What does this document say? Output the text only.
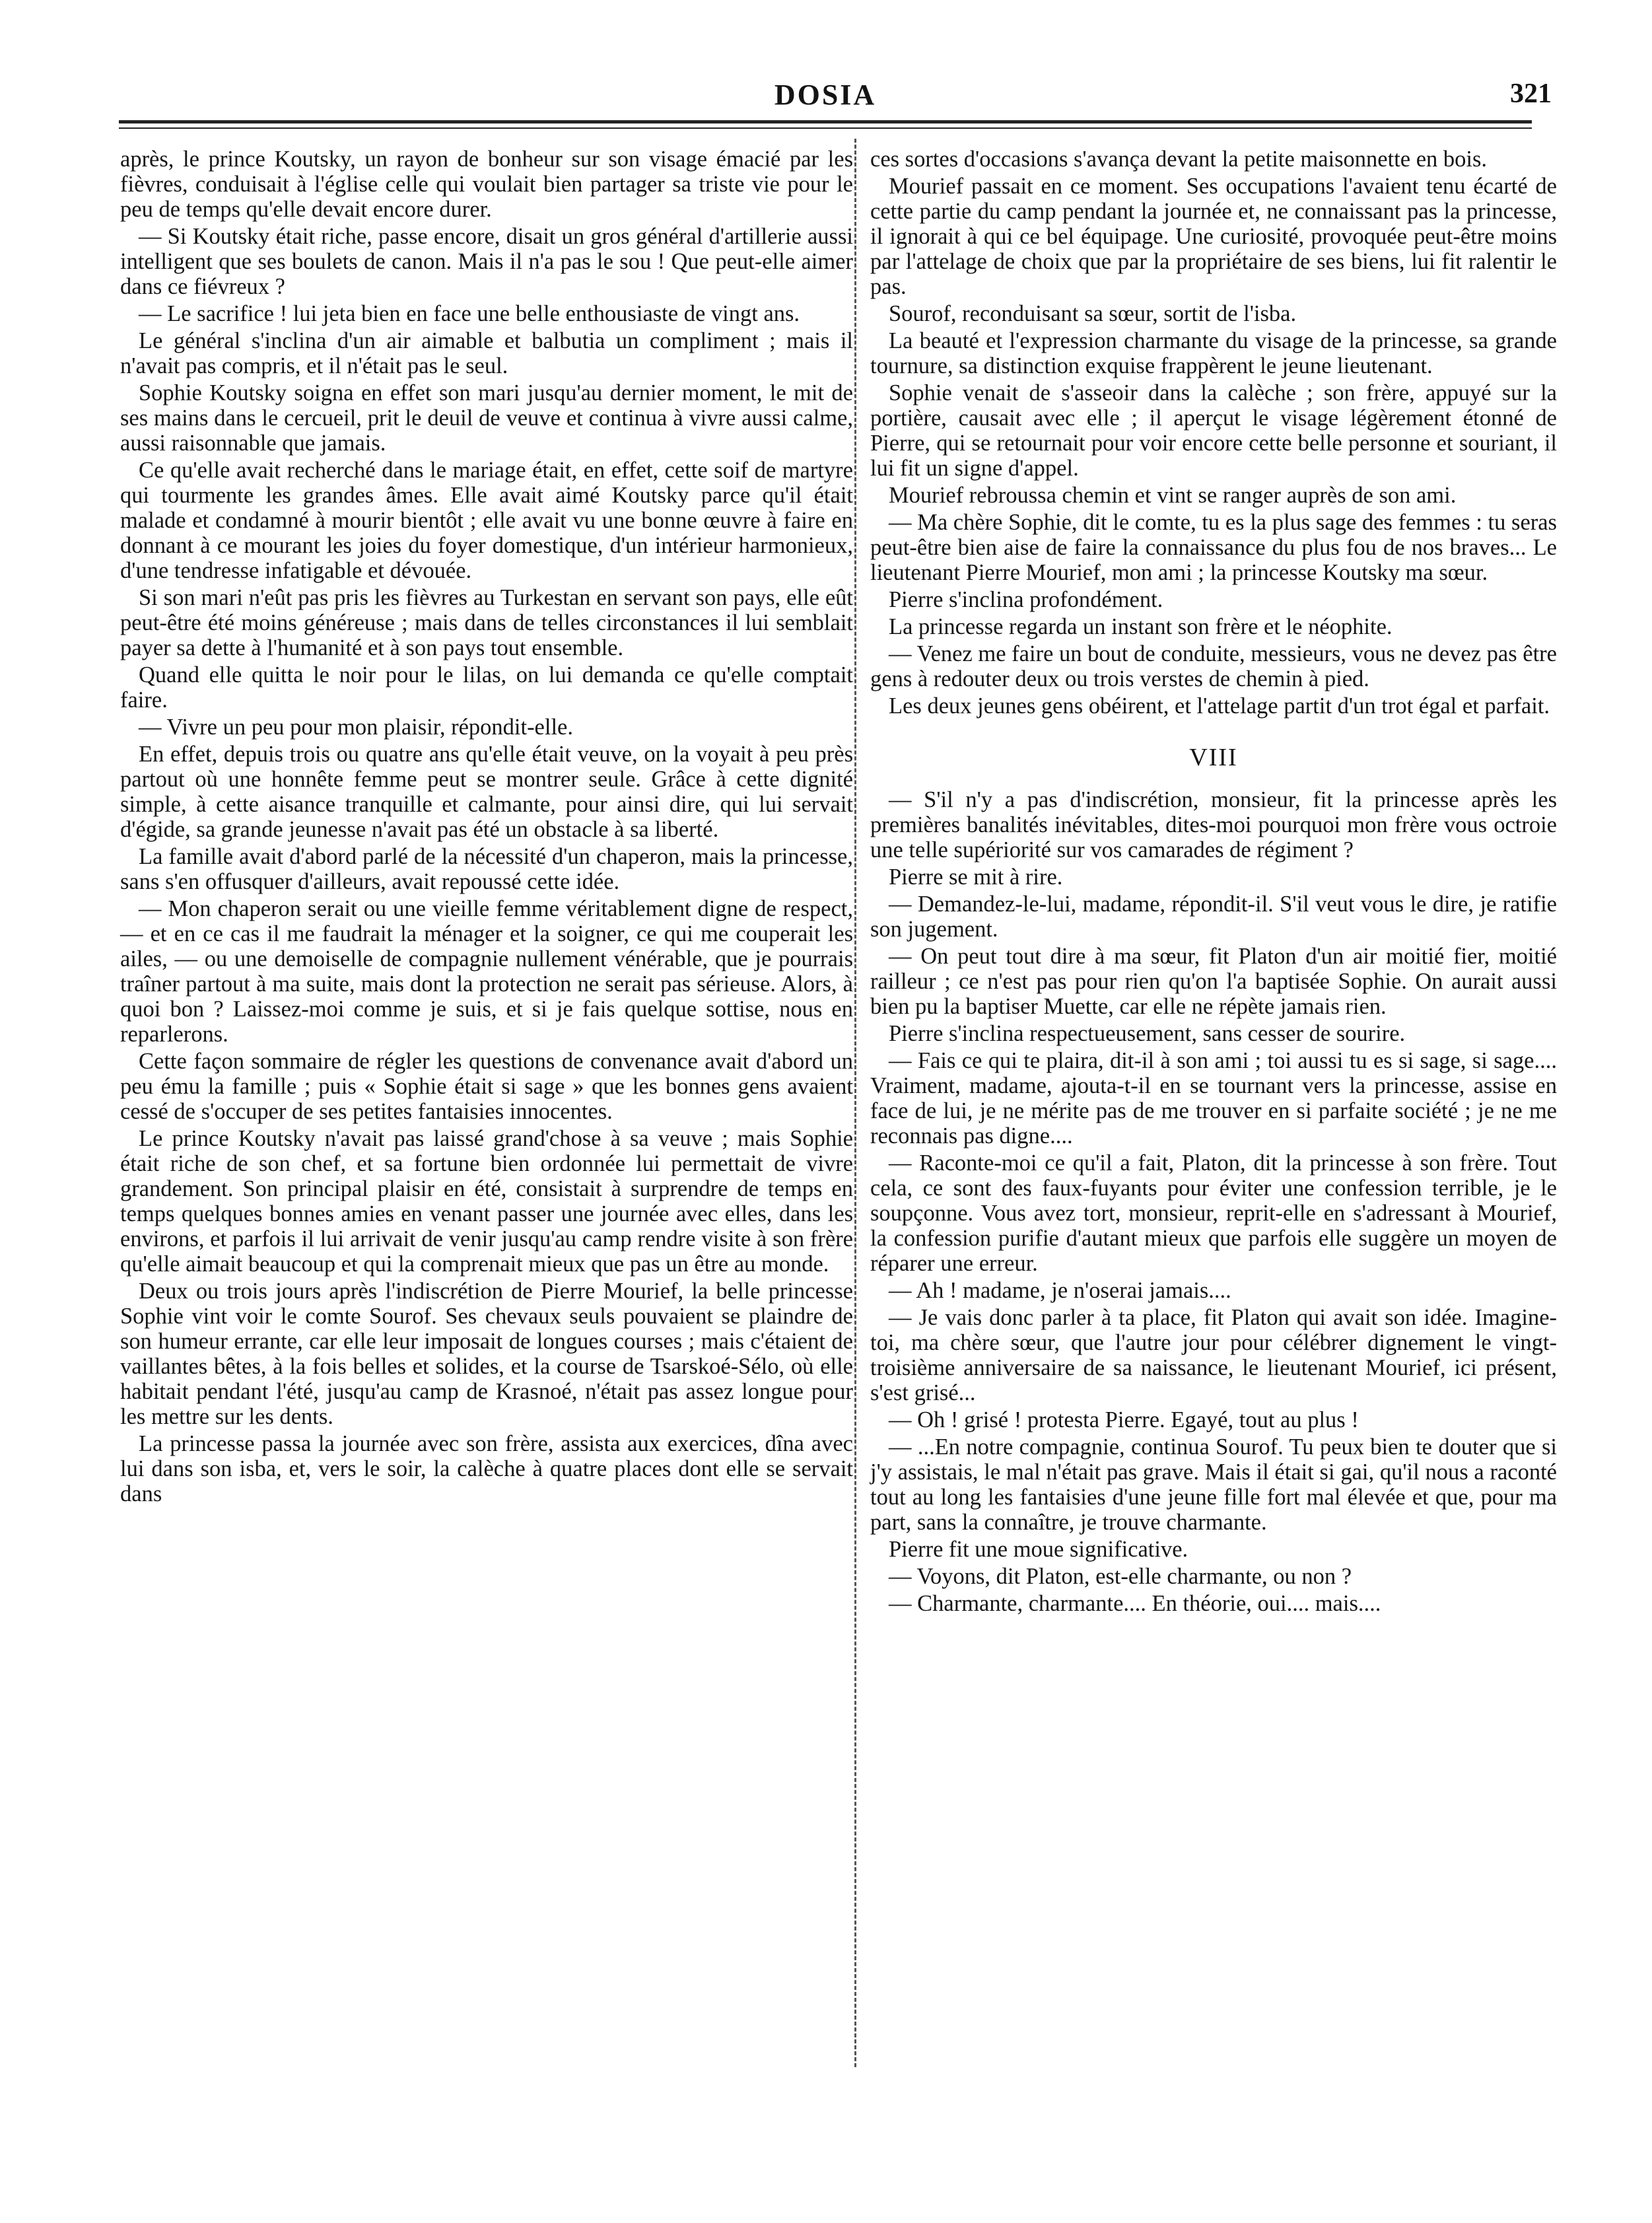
DOSIA	321

après, le prince Koutsky, un rayon de bonheur sur son visage émacié par les fièvres, conduisait à l'église celle qui voulait bien partager sa triste vie pour le peu de temps qu'elle devait encore durer.

— Si Koutsky était riche, passe encore, disait un gros général d'artillerie aussi intelligent que ses boulets de canon. Mais il n'a pas le sou ! Que peut-elle aimer dans ce fiévreux ?

— Le sacrifice ! lui jeta bien en face une belle enthousiaste de vingt ans.

Le général s'inclina d'un air aimable et balbutia un compliment ; mais il n'avait pas compris, et il n'était pas le seul.

Sophie Koutsky soigna en effet son mari jusqu'au dernier moment, le mit de ses mains dans le cercueil, prit le deuil de veuve et continua à vivre aussi calme, aussi raisonnable que jamais.

Ce qu'elle avait recherché dans le mariage était, en effet, cette soif de martyre qui tourmente les grandes âmes. Elle avait aimé Koutsky parce qu'il était malade et condamné à mourir bientôt ; elle avait vu une bonne œuvre à faire en donnant à ce mourant les joies du foyer domestique, d'un intérieur harmonieux, d'une tendresse infatigable et dévouée.

Si son mari n'eût pas pris les fièvres au Turkestan en servant son pays, elle eût peut-être été moins généreuse ; mais dans de telles circonstances il lui semblait payer sa dette à l'humanité et à son pays tout ensemble.

Quand elle quitta le noir pour le lilas, on lui demanda ce qu'elle comptait faire.

— Vivre un peu pour mon plaisir, répondit-elle.

En effet, depuis trois ou quatre ans qu'elle était veuve, on la voyait à peu près partout où une honnête femme peut se montrer seule. Grâce à cette dignité simple, à cette aisance tranquille et calmante, pour ainsi dire, qui lui servait d'égide, sa grande jeunesse n'avait pas été un obstacle à sa liberté.

La famille avait d'abord parlé de la nécessité d'un chaperon, mais la princesse, sans s'en offusquer d'ailleurs, avait repoussé cette idée.

— Mon chaperon serait ou une vieille femme véritablement digne de respect, — et en ce cas il me faudrait la ménager et la soigner, ce qui me couperait les ailes, — ou une demoiselle de compagnie nullement vénérable, que je pourrais traîner partout à ma suite, mais dont la protection ne serait pas sérieuse. Alors, à quoi bon ? Laissez-moi comme je suis, et si je fais quelque sottise, nous en reparlerons.

Cette façon sommaire de régler les questions de convenance avait d'abord un peu ému la famille ; puis « Sophie était si sage » que les bonnes gens avaient cessé de s'occuper de ses petites fantaisies innocentes.

Le prince Koutsky n'avait pas laissé grand'chose à sa veuve ; mais Sophie était riche de son chef, et sa fortune bien ordonnée lui permettait de vivre grandement. Son principal plaisir en été, consistait à surprendre de temps en temps quelques bonnes amies en venant passer une journée avec elles, dans les environs, et parfois il lui arrivait de venir jusqu'au camp rendre visite à son frère qu'elle aimait beaucoup et qui la comprenait mieux que pas un être au monde.

Deux ou trois jours après l'indiscrétion de Pierre Mourief, la belle princesse Sophie vint voir le comte Sourof. Ses chevaux seuls pouvaient se plaindre de son humeur errante, car elle leur imposait de longues courses ; mais c'étaient de vaillantes bêtes, à la fois belles et solides, et la course de Tsarskoé-Sélo, où elle habitait pendant l'été, jusqu'au camp de Krasnoé, n'était pas assez longue pour les mettre sur les dents.

La princesse passa la journée avec son frère, assista aux exercices, dîna avec lui dans son isba, et, vers le soir, la calèche à quatre places dont elle se servait dans

ces sortes d'occasions s'avança devant la petite maisonnette en bois.

Mourief passait en ce moment. Ses occupations l'avaient tenu écarté de cette partie du camp pendant la journée et, ne connaissant pas la princesse, il ignorait à qui ce bel équipage. Une curiosité, provoquée peut-être moins par l'attelage de choix que par la propriétaire de ses biens, lui fit ralentir le pas.

Sourof, reconduisant sa sœur, sortit de l'isba.

La beauté et l'expression charmante du visage de la princesse, sa grande tournure, sa distinction exquise frappèrent le jeune lieutenant.

Sophie venait de s'asseoir dans la calèche ; son frère, appuyé sur la portière, causait avec elle ; il aperçut le visage légèrement étonné de Pierre, qui se retournait pour voir encore cette belle personne et souriant, il lui fit un signe d'appel.

Mourief rebroussa chemin et vint se ranger auprès de son ami.

— Ma chère Sophie, dit le comte, tu es la plus sage des femmes : tu seras peut-être bien aise de faire la connaissance du plus fou de nos braves... Le lieutenant Pierre Mourief, mon ami ; la princesse Koutsky ma sœur.

Pierre s'inclina profondément.

La princesse regarda un instant son frère et le néophite.

— Venez me faire un bout de conduite, messieurs, vous ne devez pas être gens à redouter deux ou trois verstes de chemin à pied.

Les deux jeunes gens obéirent, et l'attelage partit d'un trot égal et parfait.

VIII

— S'il n'y a pas d'indiscrétion, monsieur, fit la princesse après les premières banalités inévitables, dites-moi pourquoi mon frère vous octroie une telle supériorité sur vos camarades de régiment ?

Pierre se mit à rire.

— Demandez-le-lui, madame, répondit-il. S'il veut vous le dire, je ratifie son jugement.

— On peut tout dire à ma sœur, fit Platon d'un air moitié fier, moitié railleur ; ce n'est pas pour rien qu'on l'a baptisée Sophie. On aurait aussi bien pu la baptiser Muette, car elle ne répète jamais rien.

Pierre s'inclina respectueusement, sans cesser de sourire.

— Fais ce qui te plaira, dit-il à son ami ; toi aussi tu es si sage, si sage.... Vraiment, madame, ajouta-t-il en se tournant vers la princesse, assise en face de lui, je ne mérite pas de me trouver en si parfaite société ; je ne me reconnais pas digne....

— Raconte-moi ce qu'il a fait, Platon, dit la princesse à son frère. Tout cela, ce sont des faux-fuyants pour éviter une confession terrible, je le soupçonne. Vous avez tort, monsieur, reprit-elle en s'adressant à Mourief, la confession purifie d'autant mieux que parfois elle suggère un moyen de réparer une erreur.

— Ah ! madame, je n'oserai jamais....

— Je vais donc parler à ta place, fit Platon qui avait son idée. Imagine-toi, ma chère sœur, que l'autre jour pour célébrer dignement le vingt-troisième anniversaire de sa naissance, le lieutenant Mourief, ici présent, s'est grisé...

— Oh ! grisé ! protesta Pierre. Egayé, tout au plus !

— ...En notre compagnie, continua Sourof. Tu peux bien te douter que si j'y assistais, le mal n'était pas grave. Mais il était si gai, qu'il nous a raconté tout au long les fantaisies d'une jeune fille fort mal élevée et que, pour ma part, sans la connaître, je trouve charmante.

Pierre fit une moue significative.

— Voyons, dit Platon, est-elle charmante, ou non ?

— Charmante, charmante.... En théorie, oui.... mais....
